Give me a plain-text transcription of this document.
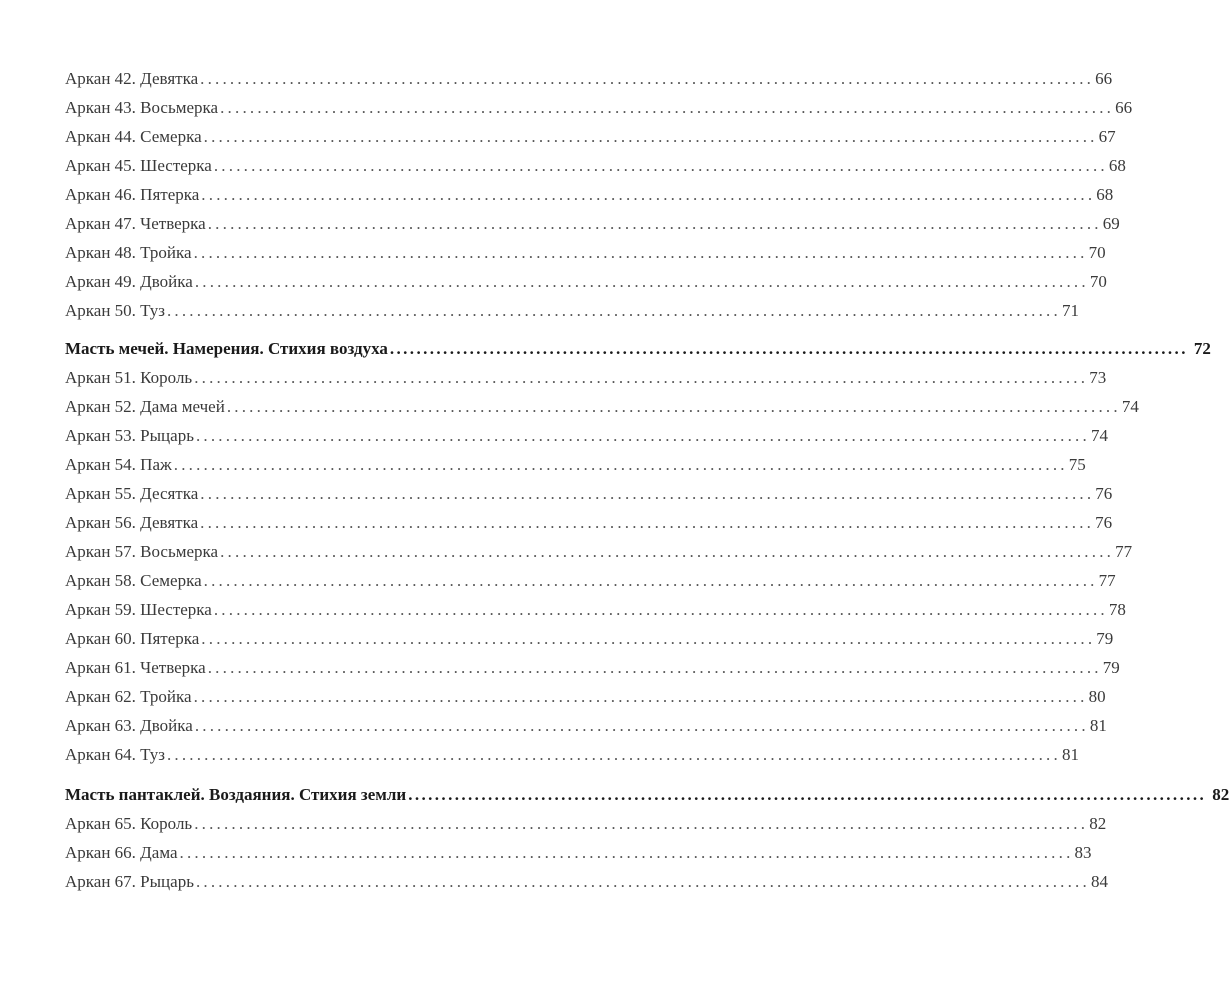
Аркан 42. Девятка ........................................................................................................................ 66
Аркан 43. Восьмерка ........................................................................................................................ 66
Аркан 44. Семерка ........................................................................................................................ 67
Аркан 45. Шестерка ........................................................................................................................ 68
Аркан 46. Пятерка ........................................................................................................................ 68
Аркан 47. Четверка ........................................................................................................................ 69
Аркан 48. Тройка ........................................................................................................................ 70
Аркан 49. Двойка ........................................................................................................................ 70
Аркан 50. Туз ........................................................................................................................ 71
Масть мечей. Намерения. Стихия воздуха ........................................................................................................................ 72
Аркан 51. Король ........................................................................................................................ 73
Аркан 52. Дама мечей ........................................................................................................................ 74
Аркан 53. Рыцарь ........................................................................................................................ 74
Аркан 54. Паж ........................................................................................................................ 75
Аркан 55. Десятка ........................................................................................................................ 76
Аркан 56. Девятка ........................................................................................................................ 76
Аркан 57. Восьмерка ........................................................................................................................ 77
Аркан 58. Семерка ........................................................................................................................ 77
Аркан 59. Шестерка ........................................................................................................................ 78
Аркан 60. Пятерка ........................................................................................................................ 79
Аркан 61. Четверка ........................................................................................................................ 79
Аркан 62. Тройка ........................................................................................................................ 80
Аркан 63. Двойка ........................................................................................................................ 81
Аркан 64. Туз ........................................................................................................................ 81
Масть пантаклей. Воздаяния. Стихия земли ........................................................................................................................ 82
Аркан 65. Король ........................................................................................................................ 82
Аркан 66. Дама ........................................................................................................................ 83
Аркан 67. Рыцарь ........................................................................................................................ 84
